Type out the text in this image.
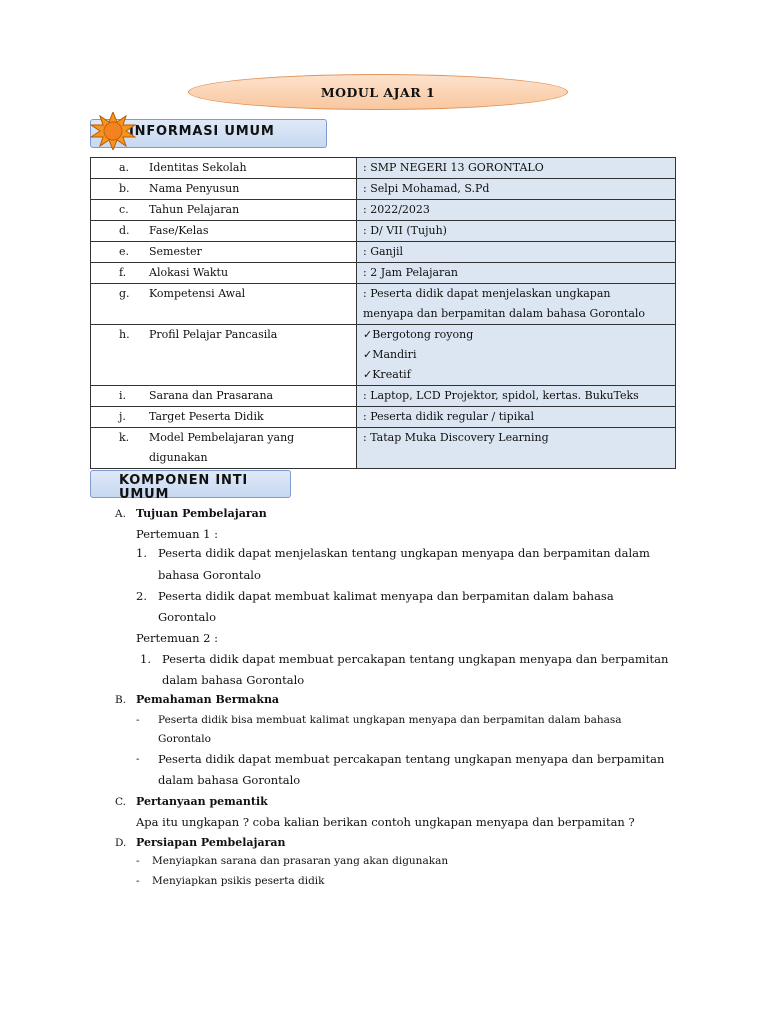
MODUL AJAR 1
INFORMASI UMUM
a. Identitas Sekolah	: SMP NEGERI 13 GORONTALO

b. Nama Penyusun	: Selpi Mohamad, S.Pd

c. Tahun Pelajaran	: 2022/2023

d. Fase/Kelas	: D/ VII (Tujuh)

e. Semester	: Ganjil

f. Alokasi Waktu	: 2 Jam Pelajaran

g. Kompetensi Awal	: Peserta didik dapat menjelaskan ungkapan
menyapa dan berpamitan dalam bahasa Gorontalo

h. Profil Pelajar Pancasila	✓Bergotong royong
✓Mandiri
✓Kreatif

i. Sarana dan Prasarana	: Laptop, LCD Projektor, spidol, kertas. BukuTeks

j. Target Peserta Didik	: Peserta didik regular / tipikal

k. Model Pembelajaran yang digunakan	: Tatap Muka Discovery Learning
KOMPONEN INTI UMUM
A. Tujuan Pembelajaran
Pertemuan 1 :
1. Peserta didik dapat menjelaskan tentang ungkapan menyapa dan berpamitan dalam
bahasa Gorontalo
2. Peserta didik dapat membuat kalimat menyapa dan berpamitan dalam bahasa
Gorontalo
Pertemuan 2 :
1. Peserta didik dapat membuat percakapan tentang ungkapan menyapa dan berpamitan
dalam bahasa Gorontalo
B. Pemahaman Bermakna
- Peserta didik bisa membuat kalimat ungkapan menyapa dan berpamitan dalam bahasa
Gorontalo
- Peserta didik dapat membuat percakapan tentang ungkapan menyapa dan berpamitan
dalam bahasa Gorontalo
C. Pertanyaan pemantik
Apa itu ungkapan ? coba kalian berikan contoh ungkapan menyapa dan berpamitan ?
D. Persiapan Pembelajaran
- Menyiapkan sarana dan prasaran yang akan digunakan
- Menyiapkan psikis peserta didik
